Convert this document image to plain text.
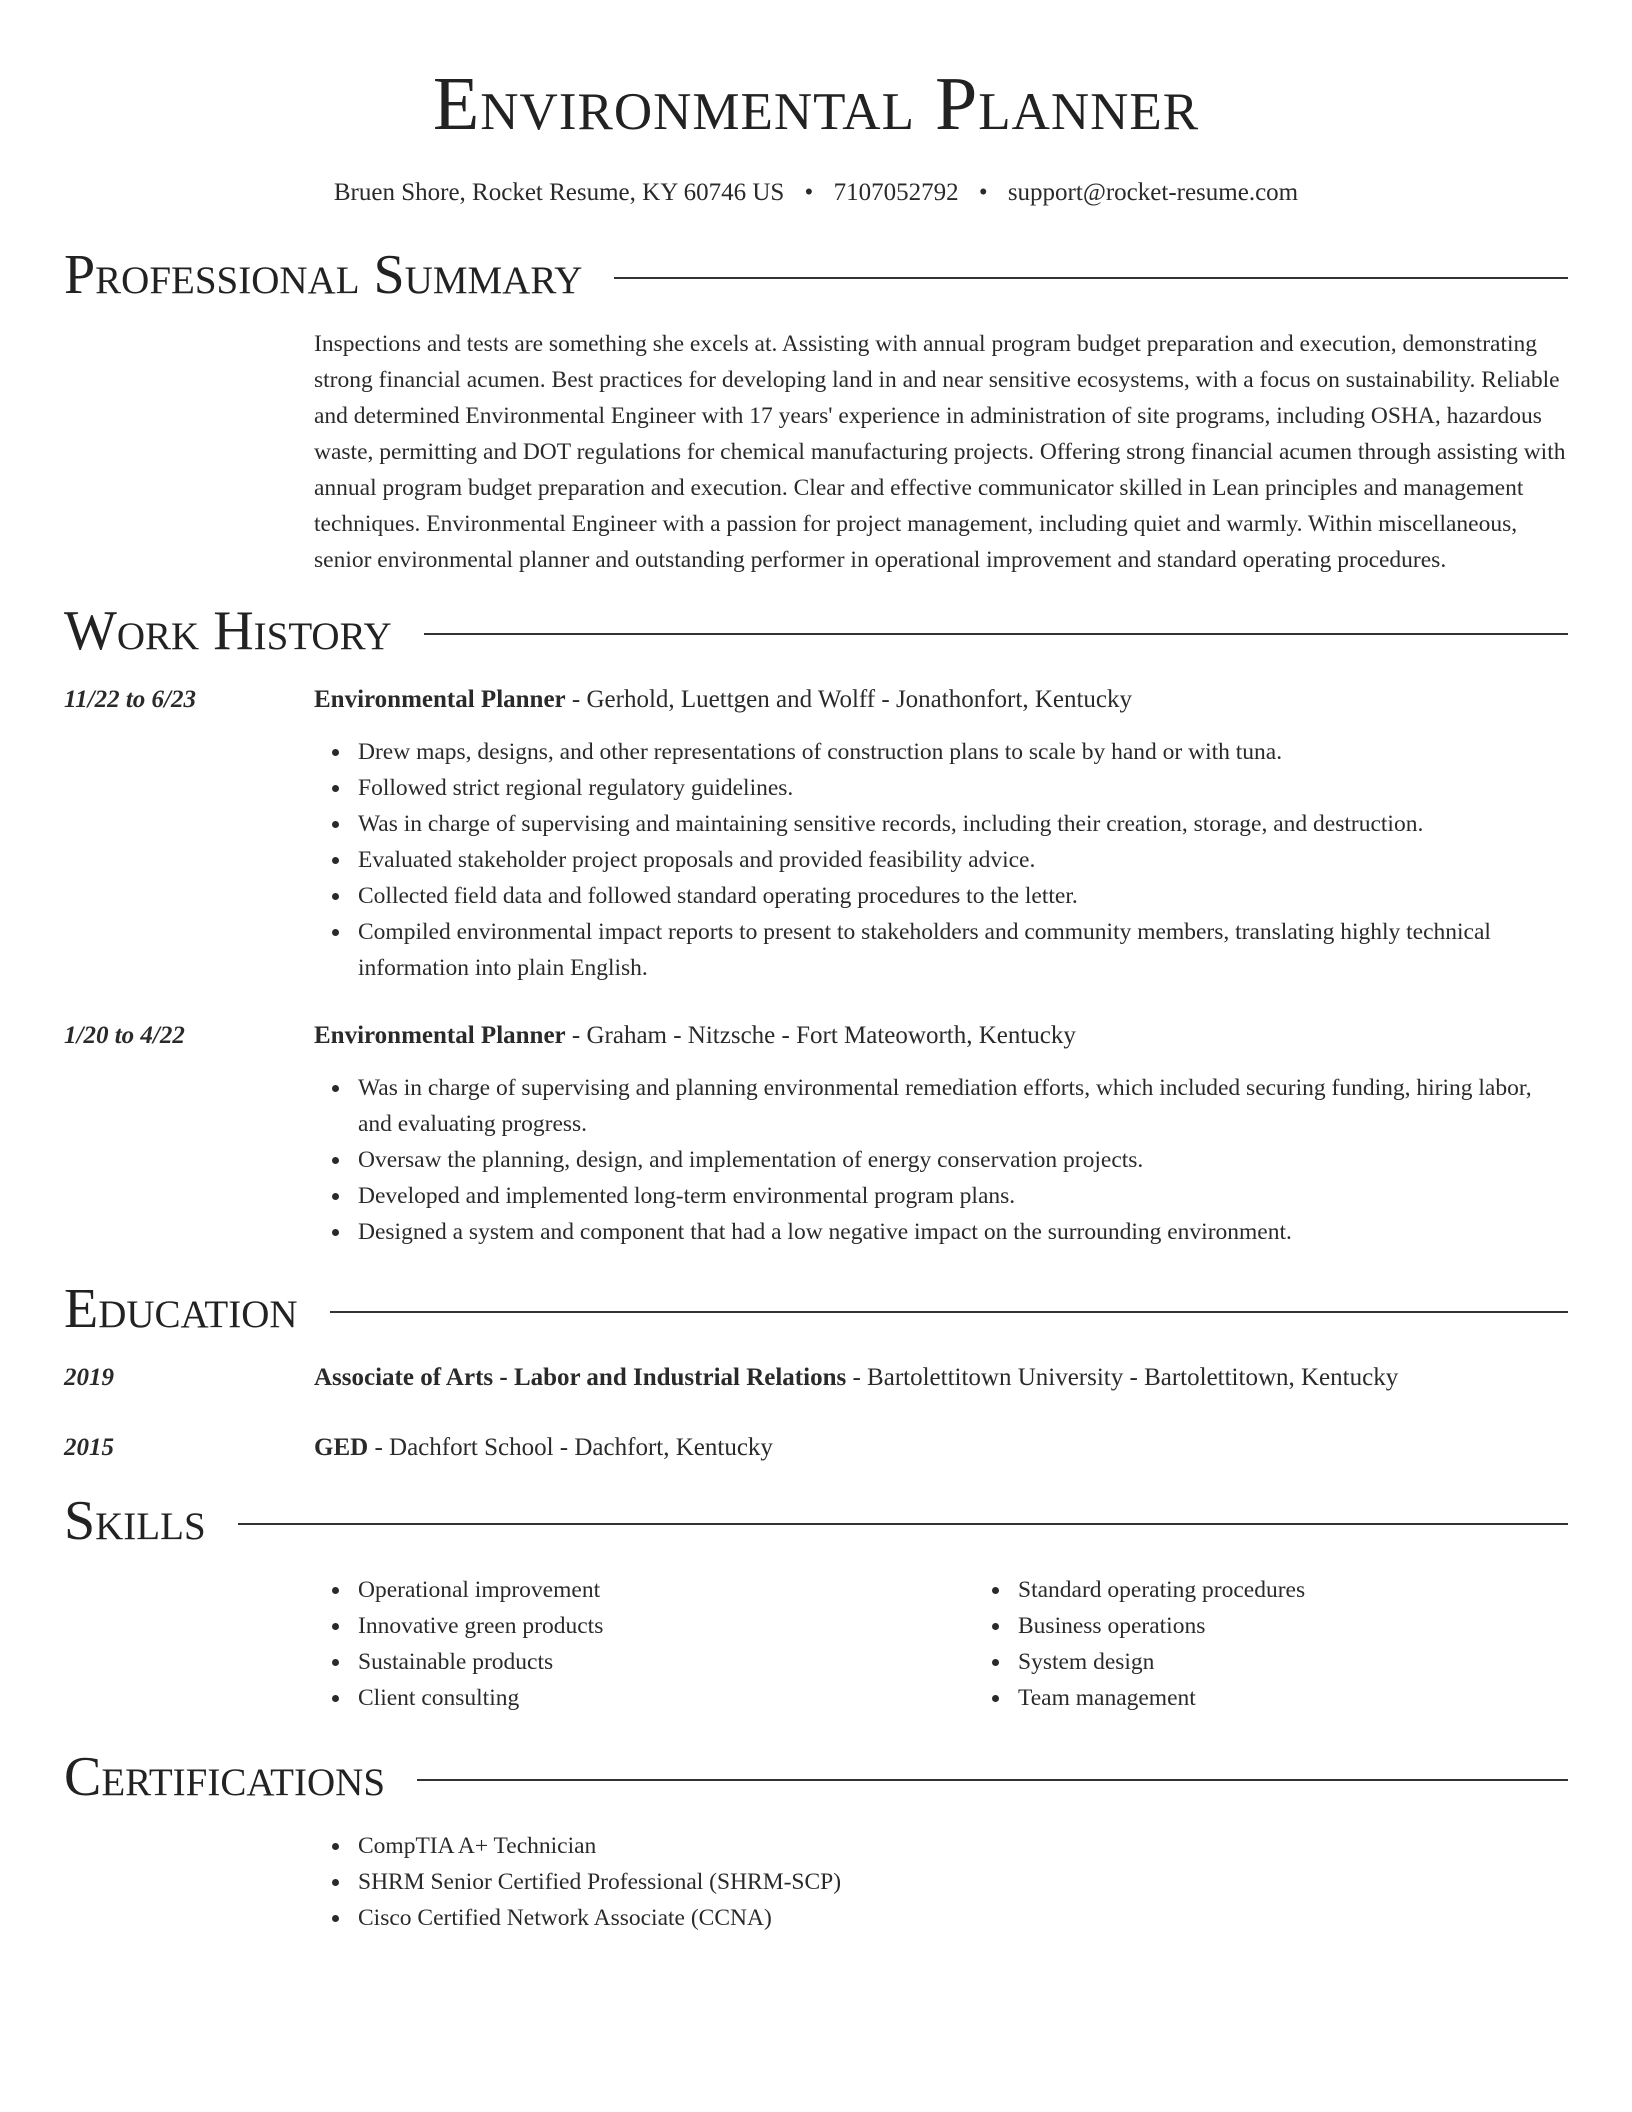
Environmental Planner
Bruen Shore, Rocket Resume, KY 60746 US • 7107052792 • support@rocket-resume.com
Professional Summary
Inspections and tests are something she excels at. Assisting with annual program budget preparation and execution, demonstrating strong financial acumen. Best practices for developing land in and near sensitive ecosystems, with a focus on sustainability. Reliable and determined Environmental Engineer with 17 years' experience in administration of site programs, including OSHA, hazardous waste, permitting and DOT regulations for chemical manufacturing projects. Offering strong financial acumen through assisting with annual program budget preparation and execution. Clear and effective communicator skilled in Lean principles and management techniques. Environmental Engineer with a passion for project management, including quiet and warmly. Within miscellaneous, senior environmental planner and outstanding performer in operational improvement and standard operating procedures.
Work History
11/22 to 6/23	Environmental Planner - Gerhold, Luettgen and Wolff - Jonathonfort, Kentucky
Drew maps, designs, and other representations of construction plans to scale by hand or with tuna.
Followed strict regional regulatory guidelines.
Was in charge of supervising and maintaining sensitive records, including their creation, storage, and destruction.
Evaluated stakeholder project proposals and provided feasibility advice.
Collected field data and followed standard operating procedures to the letter.
Compiled environmental impact reports to present to stakeholders and community members, translating highly technical information into plain English.
1/20 to 4/22	Environmental Planner - Graham - Nitzsche - Fort Mateoworth, Kentucky
Was in charge of supervising and planning environmental remediation efforts, which included securing funding, hiring labor, and evaluating progress.
Oversaw the planning, design, and implementation of energy conservation projects.
Developed and implemented long-term environmental program plans.
Designed a system and component that had a low negative impact on the surrounding environment.
Education
2019	Associate of Arts - Labor and Industrial Relations - Bartolettitown University - Bartolettitown, Kentucky
2015	GED - Dachfort School - Dachfort, Kentucky
Skills
Operational improvement
Innovative green products
Sustainable products
Client consulting
Standard operating procedures
Business operations
System design
Team management
Certifications
CompTIA A+ Technician
SHRM Senior Certified Professional (SHRM-SCP)
Cisco Certified Network Associate (CCNA)
